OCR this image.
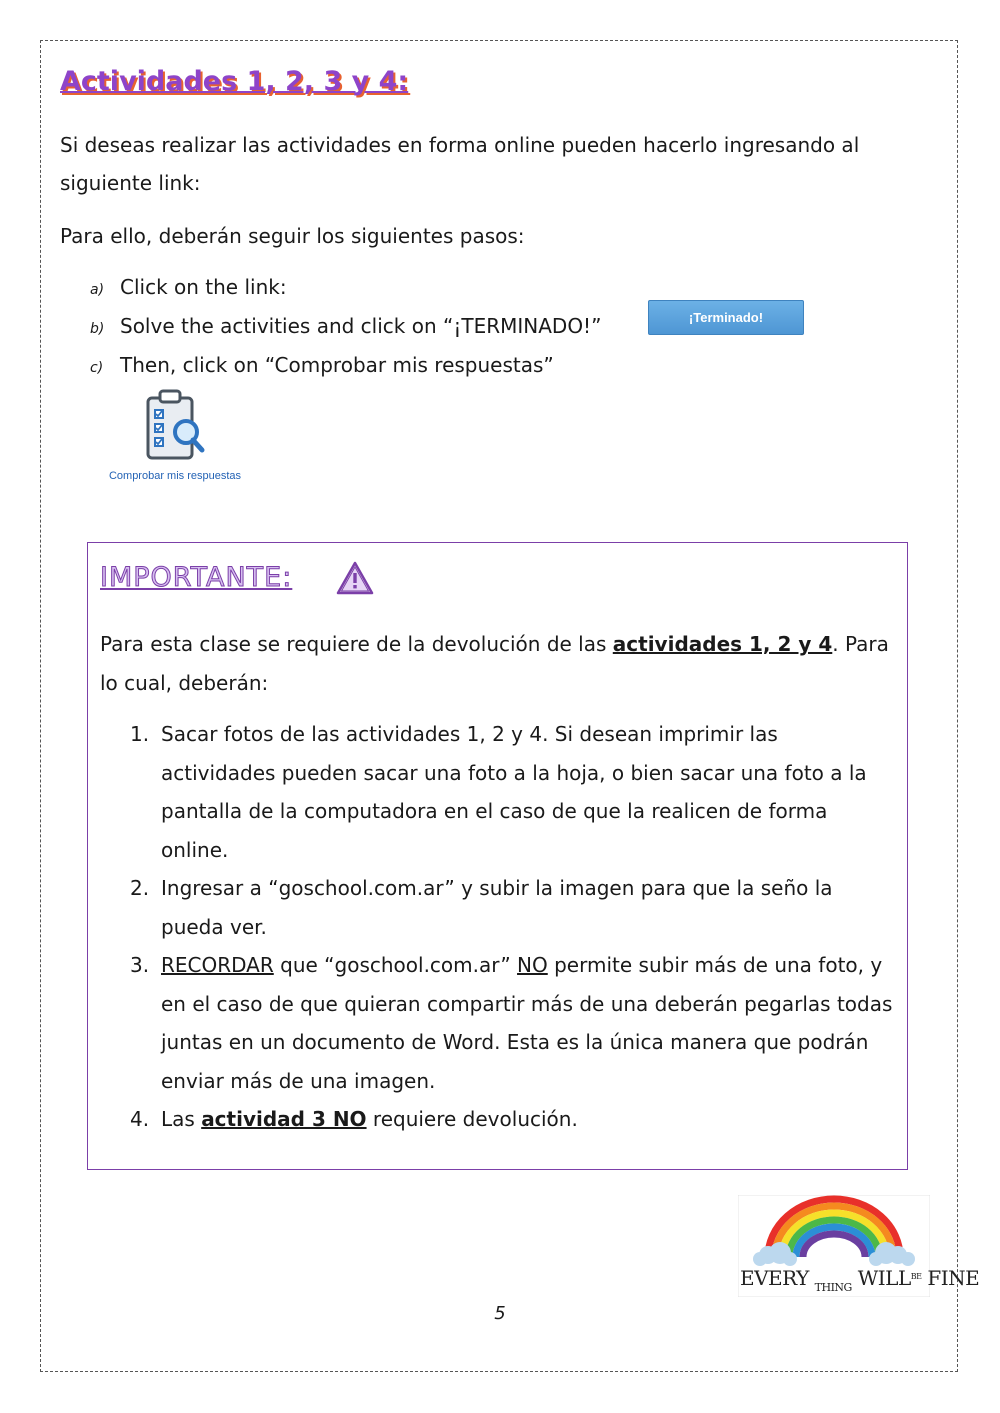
Actividades 1, 2, 3 y 4:

Si deseas realizar las actividades en forma online pueden hacerlo ingresando al siguiente link:

Para ello, deberán seguir los siguientes pasos:

a) Click on the link:
b) Solve the activities and click on “¡TERMINADO!”
c) Then, click on “Comprobar mis respuestas”
¡Terminado!
Comprobar mis respuestas
IMPORTANTE:

Para esta clase se requiere de la devolución de las actividades 1, 2 y 4. Para lo cual, deberán:

1. Sacar fotos de las actividades 1, 2 y 4. Si desean imprimir las actividades pueden sacar una foto a la hoja, o bien sacar una foto a la pantalla de la computadora en el caso de que la realicen de forma online.
2. Ingresar a “goschool.com.ar” y subir la imagen para que la seño la pueda ver.
3. RECORDAR que “goschool.com.ar” NO permite subir más de una foto, y en el caso de que quieran compartir más de una deberán pegarlas todas juntas en un documento de Word. Esta es la única manera que podrán enviar más de una imagen.
4. Las actividad 3 NO requiere devolución.
EVERY $_{THING}$ $WILL^{BE}$ FINE
5
